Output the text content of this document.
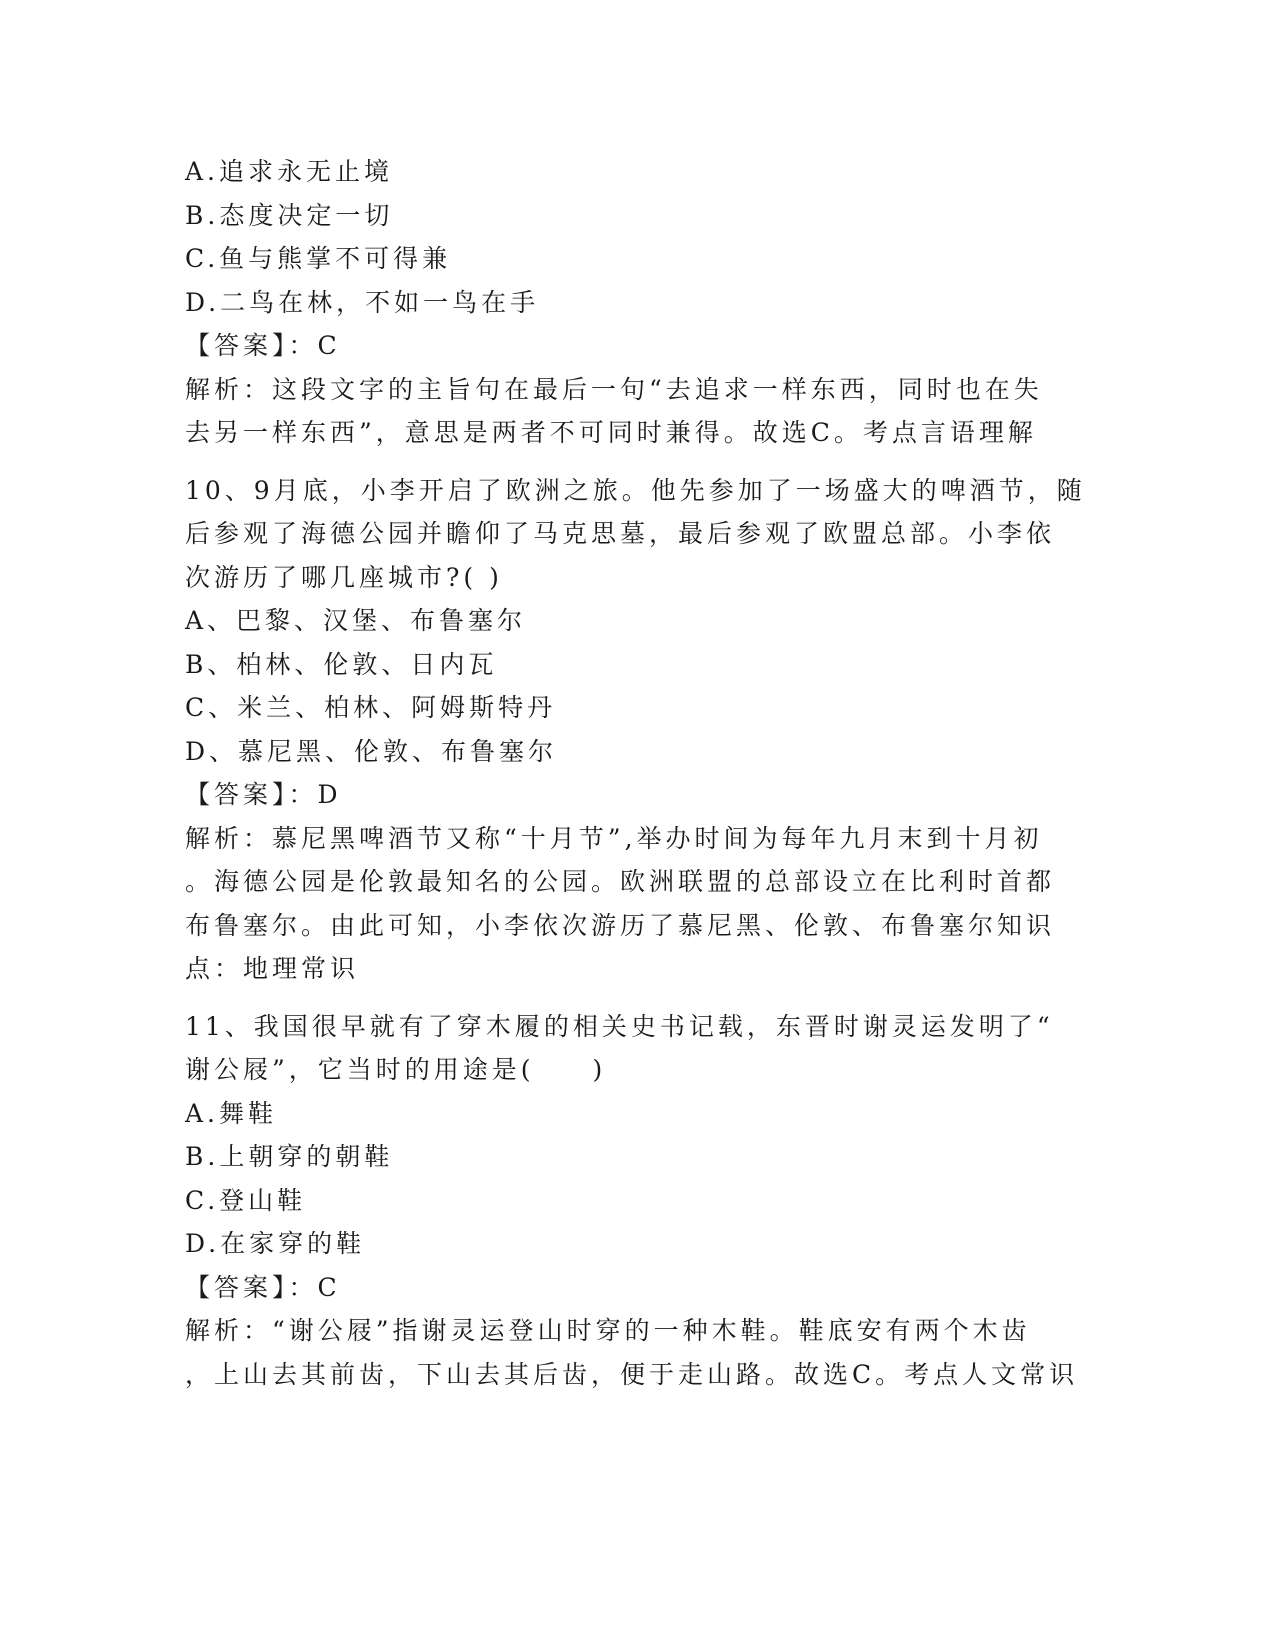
A.追求永无止境
B.态度决定一切
C.鱼与熊掌不可得兼
D.二鸟在林，不如一鸟在手
【答案】：C
解析：这段文字的主旨句在最后一句“去追求一样东西，同时也在失
去另一样东西”，意思是两者不可同时兼得。故选C。考点言语理解
10、9月底，小李开启了欧洲之旅。他先参加了一场盛大的啤酒节，随
后参观了海德公园并瞻仰了马克思墓，最后参观了欧盟总部。小李依
次游历了哪几座城市?( )
A、巴黎、汉堡、布鲁塞尔
B、柏林、伦敦、日内瓦
C、米兰、柏林、阿姆斯特丹
D、慕尼黑、伦敦、布鲁塞尔
【答案】：D
解析：慕尼黑啤酒节又称“十月节”,举办时间为每年九月末到十月初
。海德公园是伦敦最知名的公园。欧洲联盟的总部设立在比利时首都
布鲁塞尔。由此可知，小李依次游历了慕尼黑、伦敦、布鲁塞尔知识
点：地理常识
11、我国很早就有了穿木履的相关史书记载，东晋时谢灵运发明了“
谢公屐”，它当时的用途是(　　)
A.舞鞋
B.上朝穿的朝鞋
C.登山鞋
D.在家穿的鞋
【答案】：C
解析：“谢公屐”指谢灵运登山时穿的一种木鞋。鞋底安有两个木齿
，上山去其前齿，下山去其后齿，便于走山路。故选C。考点人文常识
